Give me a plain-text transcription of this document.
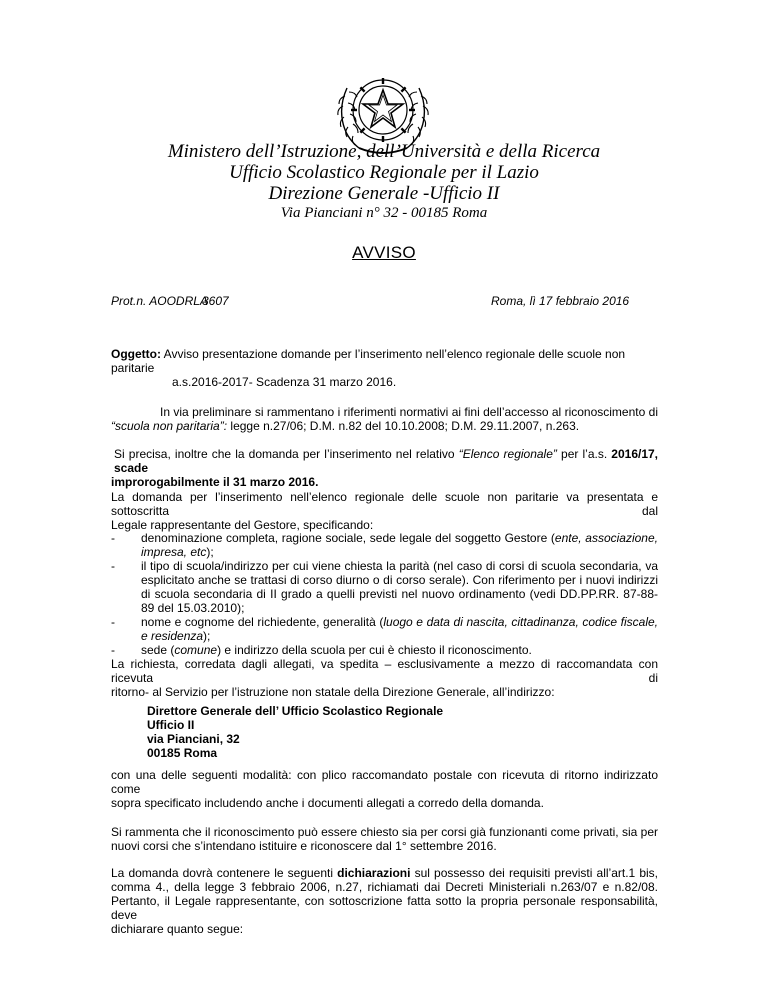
Ministero dell’Istruzione, dell’Università e della Ricerca
Ufficio Scolastico Regionale per il Lazio
Direzione Generale -Ufficio II
Via Pianciani n° 32 - 00185 Roma
AVVISO
Prot.n. AOODRLA
3607	Roma, lì 17 febbraio 2016
Oggetto: Avviso presentazione domande per l’inserimento nell’elenco regionale delle scuole non paritarie
a.s.2016-2017- Scadenza 31 marzo 2016.
In via preliminare si rammentano i riferimenti normativi ai fini dell’accesso al riconoscimento di
“scuola non paritaria”: legge n.27/06; D.M. n.82 del 10.10.2008; D.M. 29.11.2007, n.263.
Si precisa, inoltre che la domanda per l’inserimento nel relativo “Elenco regionale” per l’a.s. 2016/17, scade
improrogabilmente il 31 marzo 2016.
La domanda per l’inserimento nell’elenco regionale delle scuole non paritarie va presentata e sottoscritta dal
Legale rappresentante del Gestore, specificando:
- denominazione completa, ragione sociale, sede legale del soggetto Gestore (ente, associazione, impresa, etc);
- il tipo di scuola/indirizzo per cui viene chiesta la parità (nel caso di corsi di scuola secondaria, va esplicitato anche se trattasi di corso diurno o di corso serale). Con riferimento per i nuovi indirizzi di scuola secondaria di II grado a quelli previsti nel nuovo ordinamento (vedi DD.PP.RR. 87-88-89 del 15.03.2010);
- nome e cognome del richiedente, generalità (luogo e data di nascita, cittadinanza, codice fiscale, e residenza);
- sede (comune) e indirizzo della scuola per cui è chiesto il riconoscimento.
La richiesta, corredata dagli allegati, va spedita – esclusivamente a mezzo di raccomandata con ricevuta di
ritorno- al Servizio per l’istruzione non statale della Direzione Generale, all’indirizzo:
Direttore Generale dell’ Ufficio Scolastico Regionale
Ufficio II
via Pianciani, 32
00185 Roma
con una delle seguenti modalità: con plico raccomandato postale con ricevuta di ritorno indirizzato come
sopra specificato includendo anche i documenti allegati a corredo della domanda.
Si rammenta che il riconoscimento può essere chiesto sia per corsi già funzionanti come privati, sia per
nuovi corsi che s’intendano istituire e riconoscere dal 1° settembre 2016.
La domanda dovrà contenere le seguenti dichiarazioni sul possesso dei requisiti previsti all’art.1 bis,
comma 4., della legge 3 febbraio 2006, n.27, richiamati dai Decreti Ministeriali n.263/07 e n.82/08.
Pertanto, il Legale rappresentante, con sottoscrizione fatta sotto la propria personale responsabilità, deve
dichiarare quanto segue:
